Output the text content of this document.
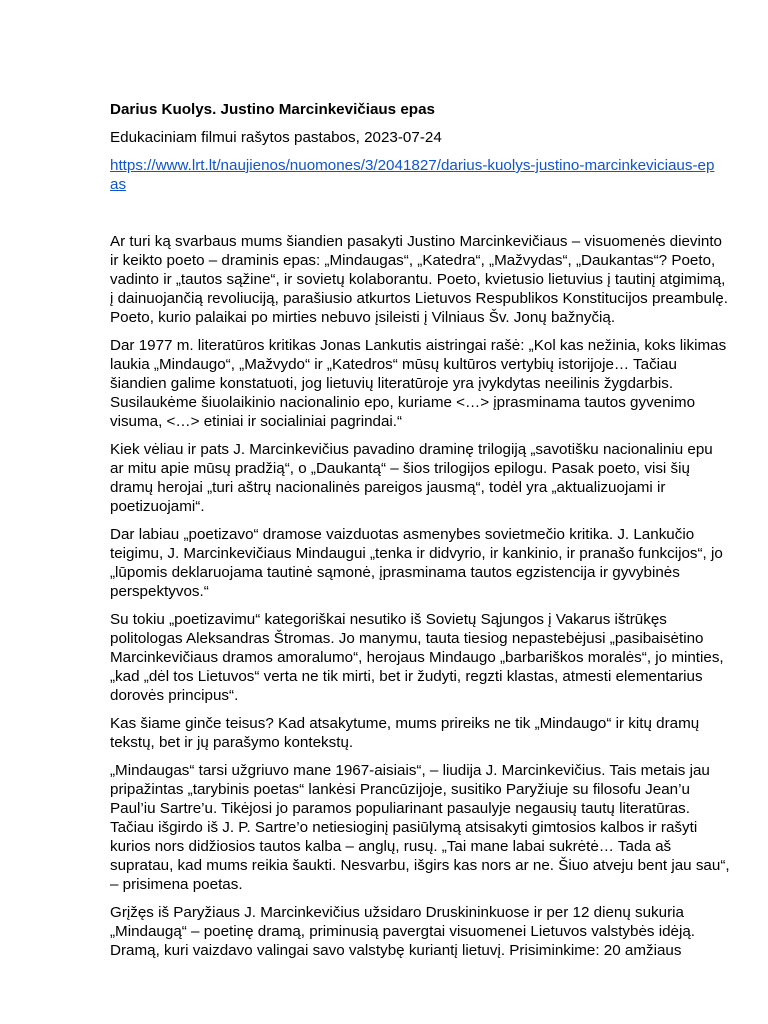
Darius Kuolys. Justino Marcinkevičiaus epas
Edukaciniam filmui rašytos pastabos, 2023-07-24
https://www.lrt.lt/naujienos/nuomones/3/2041827/darius-kuolys-justino-marcinkeviciaus-epas

Ar turi ką svarbaus mums šiandien pasakyti Justino Marcinkevičiaus – visuomenės dievinto ir keikto poeto – draminis epas: „Mindaugas“, „Katedra“, „Mažvydas“, „Daukantas“? Poeto, vadinto ir „tautos sąžine“, ir sovietų kolaborantu. Poeto, kvietusio lietuvius į tautinį atgimimą, į dainuojančią revoliuciją, parašiusio atkurtos Lietuvos Respublikos Konstitucijos preambulę. Poeto, kurio palaikai po mirties nebuvo įsileisti į Vilniaus Šv. Jonų bažnyčią.

Dar 1977 m. literatūros kritikas Jonas Lankutis aistringai rašė: „Kol kas nežinia, koks likimas laukia „Mindaugo“, „Mažvydo“ ir „Katedros“ mūsų kultūros vertybių istorijoje… Tačiau šiandien galime konstatuoti, jog lietuvių literatūroje yra įvykdytas neeilinis žygdarbis. Susilaukėme šiuolaikinio nacionalinio epo, kuriame <…> įprasminama tautos gyvenimo visuma, <…> etiniai ir socialiniai pagrindai.“

Kiek vėliau ir pats J. Marcinkevičius pavadino draminę trilogiją „savotišku nacionaliniu epu ar mitu apie mūsų pradžią“, o „Daukantą“ – šios trilogijos epilogu. Pasak poeto, visi šių dramų herojai „turi aštrų nacionalinės pareigos jausmą“, todėl yra „aktualizuojami ir poetizuojami“.

Dar labiau „poetizavo“ dramose vaizduotas asmenybes sovietmečio kritika. J. Lankučio teigimu, J. Marcinkevičiaus Mindaugui „tenka ir didvyrio, ir kankinio, ir pranašo funkcijos“, jo „lūpomis deklaruojama tautinė sąmonė, įprasminama tautos egzistencija ir gyvybinės perspektyvos.“

Su tokiu „poetizavimu“ kategoriškai nesutiko iš Sovietų Sąjungos į Vakarus ištrūkęs politologas Aleksandras Štromas. Jo manymu, tauta tiesiog nepastebėjusi „pasibaisėtino Marcinkevičiaus dramos amoralumo“, herojaus Mindaugo „barbariškos moralės“, jo minties, „kad „dėl tos Lietuvos“ verta ne tik mirti, bet ir žudyti, regzti klastas, atmesti elementarius dorovės principus“.

Kas šiame ginče teisus? Kad atsakytume, mums prireiks ne tik „Mindaugo“ ir kitų dramų tekstų, bet ir jų parašymo kontekstų.

„Mindaugas“ tarsi užgriuvo mane 1967-aisiais“, – liudija J. Marcinkevičius. Tais metais jau pripažintas „tarybinis poetas“ lankėsi Prancūzijoje, susitiko Paryžiuje su filosofu Jean’u Paul’iu Sartre’u. Tikėjosi jo paramos populiarinant pasaulyje negausių tautų literatūras. Tačiau išgirdo iš J. P. Sartre’o netiesioginį pasiūlymą atsisakyti gimtosios kalbos ir rašyti kurios nors didžiosios tautos kalba – anglų, rusų. „Tai mane labai sukrėtė… Tada aš supratau, kad mums reikia šaukti. Nesvarbu, išgirs kas nors ar ne. Šiuo atveju bent jau sau“, – prisimena poetas.

Grįžęs iš Paryžiaus J. Marcinkevičius užsidaro Druskininkuose ir per 12 dienų sukuria „Mindaugą“ – poetinę dramą, priminusią pavergtai visuomenei Lietuvos valstybės idėją. Dramą, kuri vaizdavo valingai savo valstybę kuriantį lietuvį. Prisiminkime: 20 amžiaus
